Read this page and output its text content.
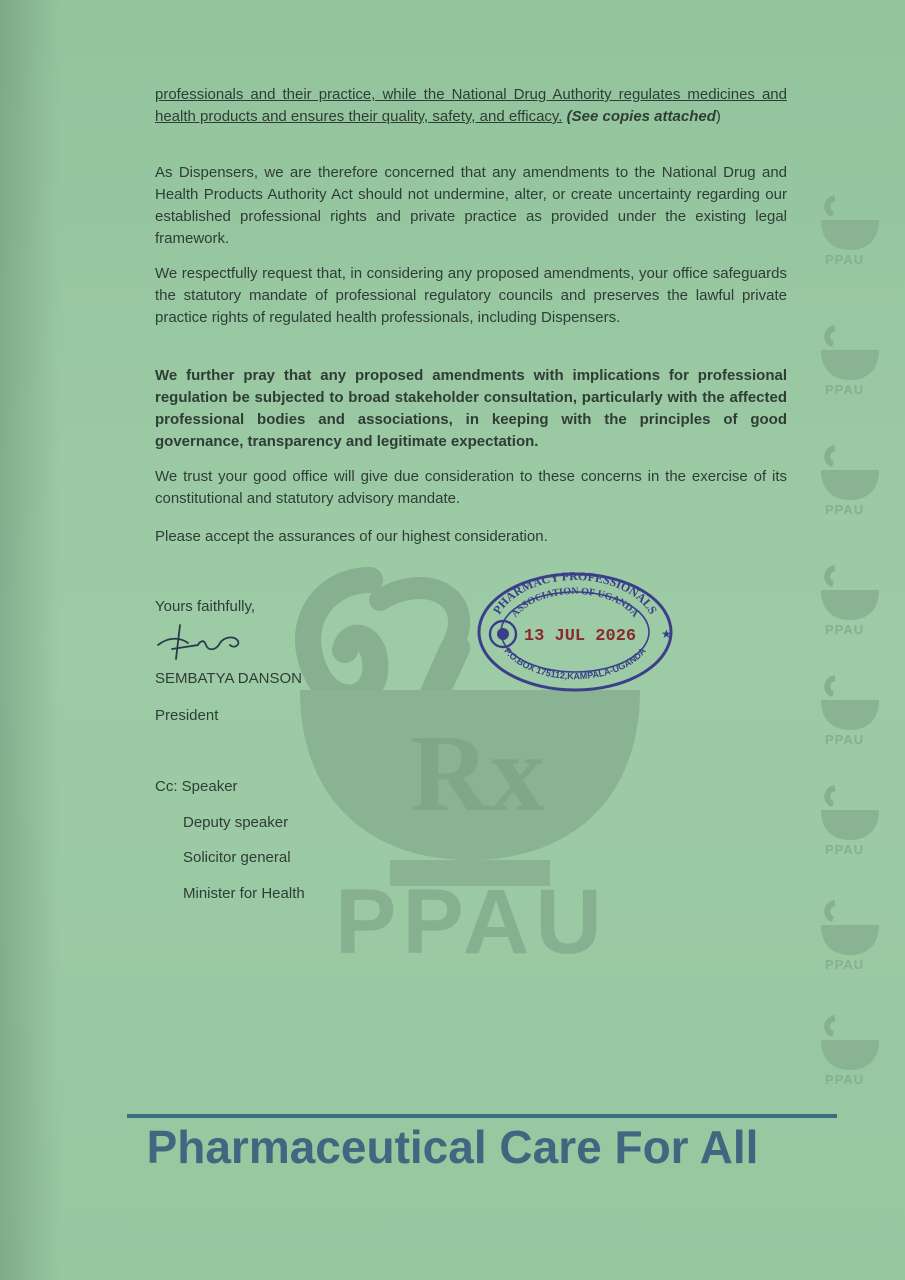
Rx
PPAU
PPAU
PPAU
PPAU
PPAU
PPAU
PPAU
PPAU
PPAU
professionals and their practice, while the National Drug Authority regulates medicines and health products and ensures their quality, safety, and efficacy. (See copies attached)
As Dispensers, we are therefore concerned that any amendments to the National Drug and Health Products Authority Act should not undermine, alter, or create uncertainty regarding our established professional rights and private practice as provided under the existing legal framework.
We respectfully request that, in considering any proposed amendments, your office safeguards the statutory mandate of professional regulatory councils and preserves the lawful private practice rights of regulated health professionals, including Dispensers.
We further pray that any proposed amendments with implications for professional regulation be subjected to broad stakeholder consultation, particularly with the affected professional bodies and associations, in keeping with the principles of good governance, transparency and legitimate expectation.
We trust your good office will give due consideration to these concerns in the exercise of its constitutional and statutory advisory mandate.
Please accept the assurances of our highest consideration.
Yours faithfully,
SEMBATYA DANSON
President
PHARMACY PROFESSIONALS
ASSOCIATION OF UGANDA
P.O.BOX 175112,KAMPALA-UGANDA
★
13 JUL 2026
Cc: Speaker
Deputy speaker
Solicitor general
Minister for Health
Pharmaceutical Care For All
